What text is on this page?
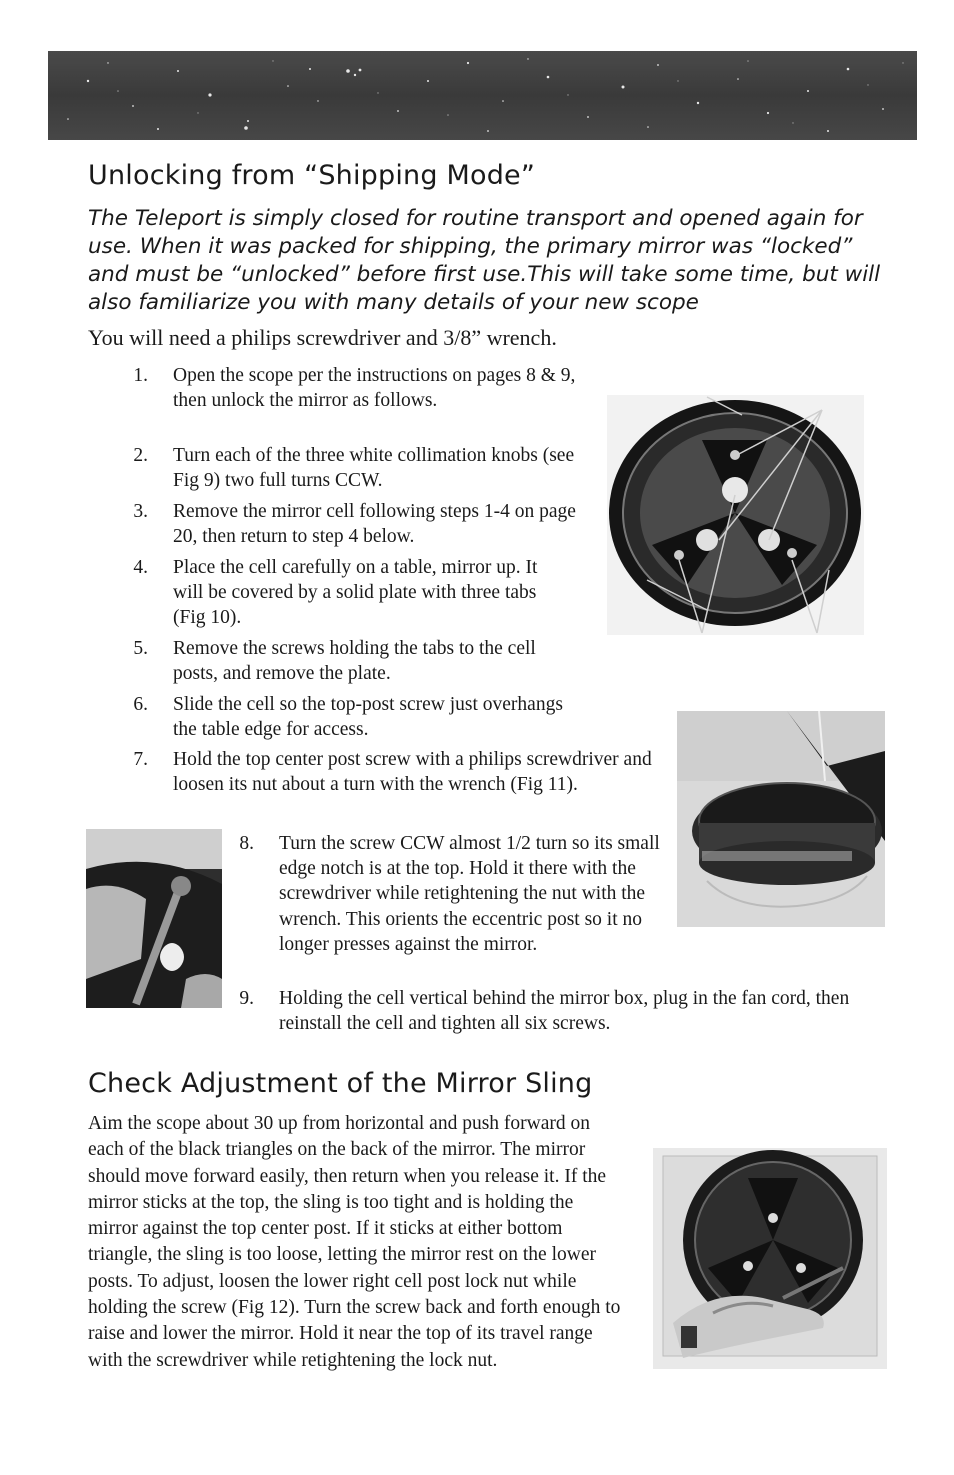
Unlocking from “Shipping Mode”

The Teleport is simply closed for routine transport and opened again for use. When it was packed for shipping, the primary mirror was “locked” and must be “unlocked” before first use.This will take some time, but will also familiarize you with many details of your new scope

You will need a philips screwdriver and 3/8” wrench.

1. Open the scope per the instructions on pages 8 & 9, then unlock the mirror as follows.
2. Turn each of the three white collimation knobs (see Fig 9) two full turns CCW.
3. Remove the mirror cell following steps 1-4 on page 20, then return to step 4 below.
4. Place the cell carefully on a table, mirror up. It will be covered by a solid plate with three tabs (Fig 10).
5. Remove the screws holding the tabs to the cell posts, and remove the plate.
6. Slide the cell so the top-post screw just overhangs the table edge for access.
7. Hold the top center post screw with a philips screwdriver and loosen its nut about a turn with the wrench (Fig 11).
8. Turn the screw CCW almost 1/2 turn so its small edge notch is at the top. Hold it there with the screwdriver while retightening the nut with the wrench. This orients the eccentric post so it no longer presses against the mirror.
9. Holding the cell vertical behind the mirror box, plug in the fan cord, then reinstall the cell and tighten all six screws.
Check Adjustment of the Mirror Sling
Aim the scope about 30 up from horizontal and push forward on each of the black triangles on the back of the mirror. The mirror should move forward easily, then return when you release it. If the mirror sticks at the top, the sling is too tight and is holding the mirror against the top center post. If it sticks at either bottom triangle, the sling is too loose, letting the mirror rest on the lower posts. To adjust, loosen the lower right cell post lock nut while holding the screw (Fig 12). Turn the screw back and forth enough to raise and lower the mirror. Hold it near the top of its travel range with the screwdriver while retightening the lock nut.
